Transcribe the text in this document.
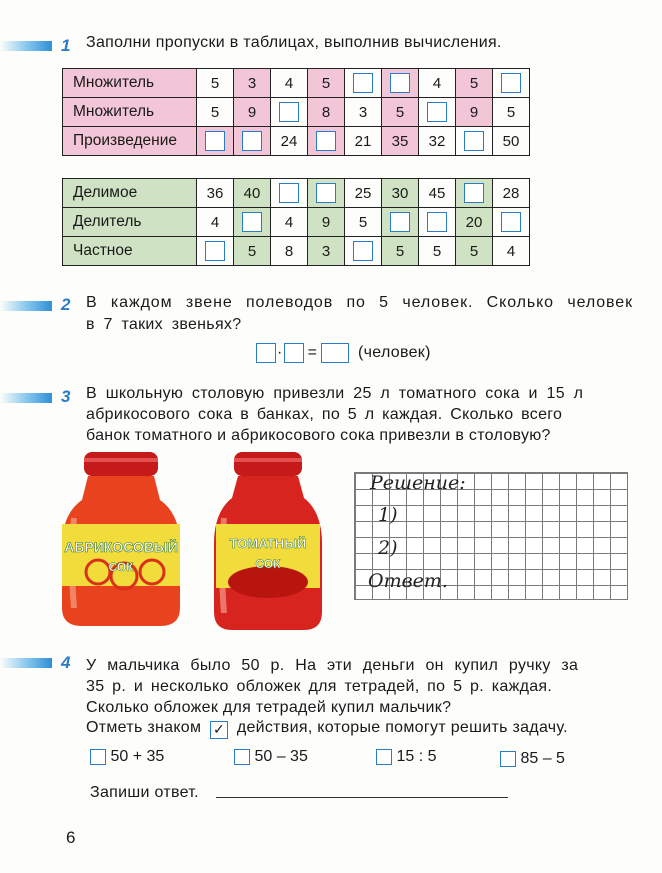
1 Заполни пропуски в таблицах, выполнив вычисления.
Множитель	5	3	4	5			4	5	
Множитель	5	9		8	3	5		9	5
Произведение			24		21	35	32		50
Делимое	36	40			25	30	45		28
Делитель	4		4	9	5			20	
Частное		5	8	3		5	5	5	4
2 В каждом звене полеводов по 5 человек. Сколько человек
в 7 таких звеньях?
· =	(человек)
3 В школьную столовую привезли 25 л томатного сока и 15 л
абрикосового сока в банках, по 5 л каждая. Сколько всего
банок томатного и абрикосового сока привезли в столовую?
АБРИКОСОВЫЙ
СОК
ТОМАТНЫЙ
СОК
Решение:
1)
2)
Ответ.
4 У мальчика было 50 р. На эти деньги он купил ручку за
35 р. и несколько обложек для тетрадей, по 5 р. каждая.
Сколько обложек для тетрадей купил мальчик?
Отметь знаком ✓ действия, которые помогут решить задачу.
50 + 35	50 – 35	15 : 5	85 – 5
Запиши ответ.
6
